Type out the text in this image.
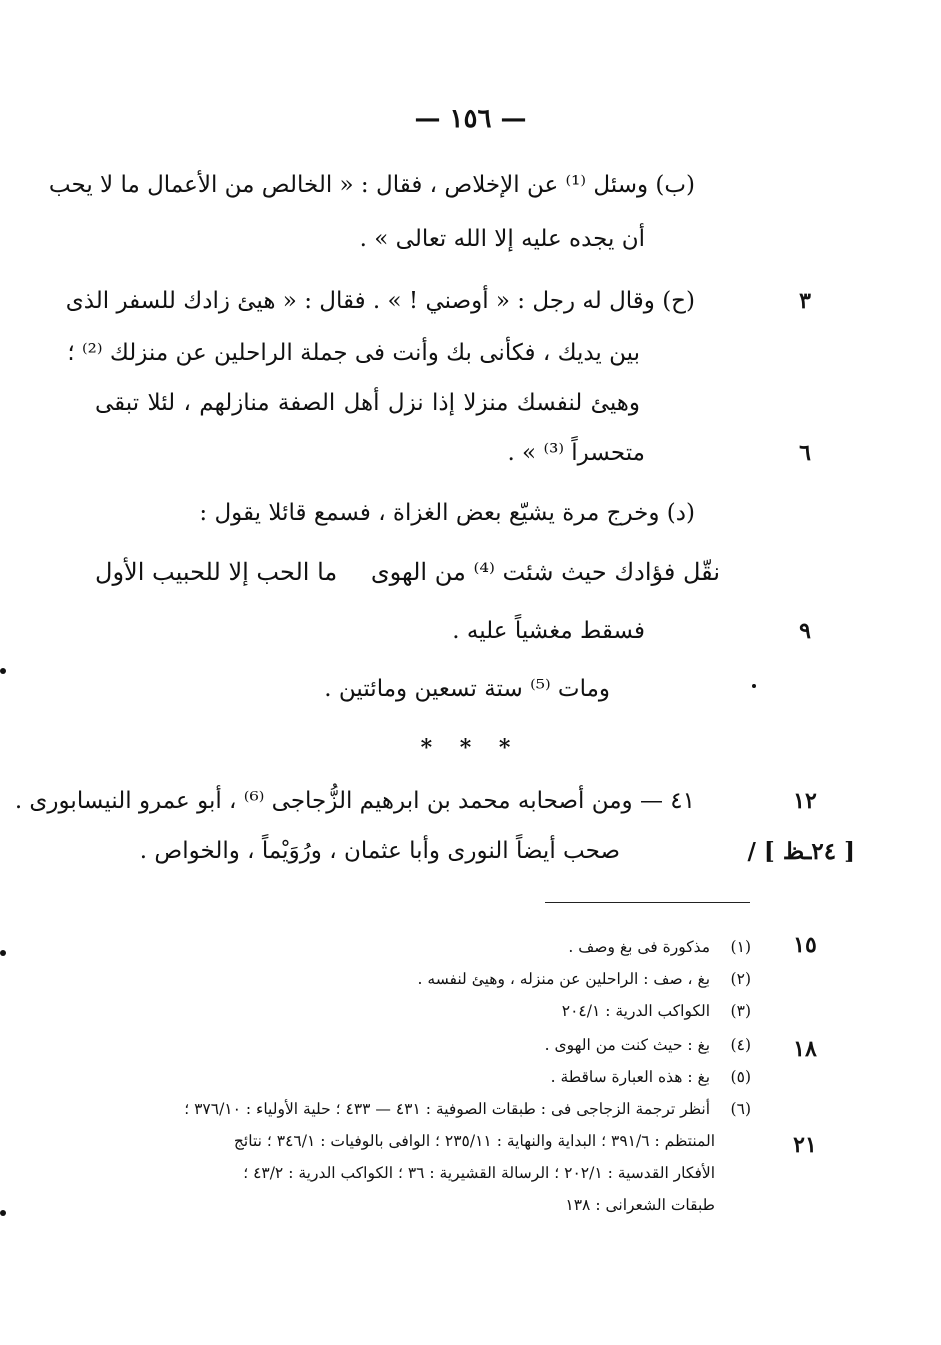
— ١٥٦ —
(ب) وسئل ⁽¹⁾ عن الإخلاص ، فقال : « الخالص من الأعمال ما لا يحب
أن يجده عليه إلا الله تعالى » .
٣
(ح) وقال له رجل : « أوصني ! » . فقال : « هيئ زادك للسفر الذى
بين يديك ، فكأنى بك وأنت فى جملة الراحلين عن منزلك ⁽²⁾ ؛
وهيئ لنفسك منزلا إذا نزل أهل الصفة منازلهم ، لئلا تبقى
٦
متحسراً ⁽³⁾ » .
(د) وخرج مرة يشيّع بعض الغزاة ، فسمع قائلا يقول :
نقّل فؤادك حيث شئت ⁽⁴⁾ من الهوى
ما الحب إلا للحبيب الأول
٩
فسقط مغشياً عليه .
ومات ⁽⁵⁾ ستة تسعين ومائتين .
* * *
١٢
٤١ — ومن أصحابه محمد بن ابرهيم الزُّجاجى ⁽⁶⁾ ، أبو عمرو النيسابورى .
صحب أيضاً النورى وأبا عثمان ، ورُوَيْماً ، والخواص .	[ ٢٤ـظ ] /
١٥
(١) مذكورة فى بغ وصف .
(٢) بغ ، صف : الراحلين عن منزله ، وهيئ لنفسه .
(٣) الكواكب الدرية : ٢٠٤/١
١٨
(٤) بغ : حيث كنت من الهوى .
(٥) بغ : هذه العبارة ساقطة .
(٦) أنظر ترجمة الزجاجى فى : طبقات الصوفية : ٤٣١ — ٤٣٣ ؛ حلية الأولياء : ٣٧٦/١٠ ؛
٢١
المنتظم : ٣٩١/٦ ؛ البداية والنهاية : ٢٣٥/١١ ؛ الوافى بالوفيات : ٣٤٦/١ ؛ نتائج
الأفكار القدسية : ٢٠٢/١ ؛ الرسالة القشيرية : ٣٦ ؛ الكواكب الدرية : ٤٣/٢ ؛
طبقات الشعرانى : ١٣٨
